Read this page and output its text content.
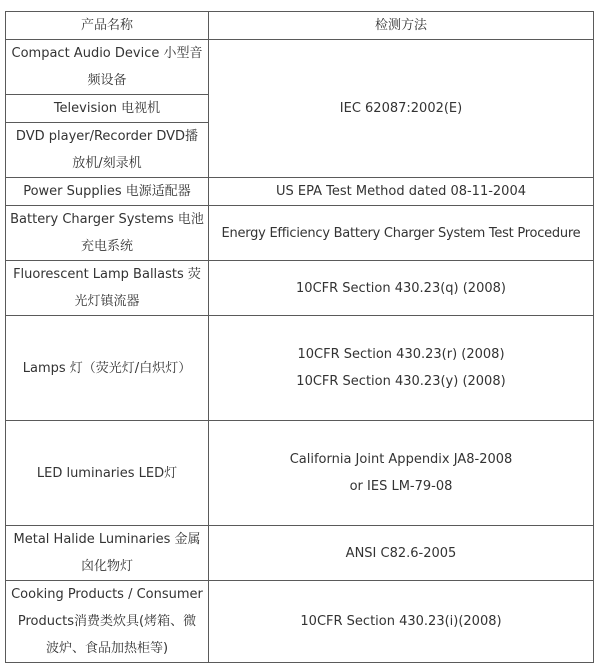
产品名称	检测方法

Compact Audio Device 小型音
频设备	IEC 62087:2002(E)

Television 电视机	

DVD player/Recorder DVD播
放机/刻录机	

Power Supplies 电源适配器	US EPA Test Method dated 08-11-2004

Battery Charger Systems 电池
充电系统	Energy Efficiency Battery Charger System Test Procedure

Fluorescent Lamp Ballasts 荧
光灯镇流器	10CFR Section 430.23(q) (2008)

Lamps 灯（荧光灯/白炽灯）	10CFR Section 430.23(r) (2008)
10CFR Section 430.23(y) (2008)

LED luminaries LED灯	California Joint Appendix JA8-2008
or IES LM-79-08

Metal Halide Luminaries 金属
囟化物灯	ANSI C82.6-2005

Cooking Products / Consumer
Products消费类炊具(烤箱、微
波炉、食品加热柜等)	10CFR Section 430.23(i)(2008)
